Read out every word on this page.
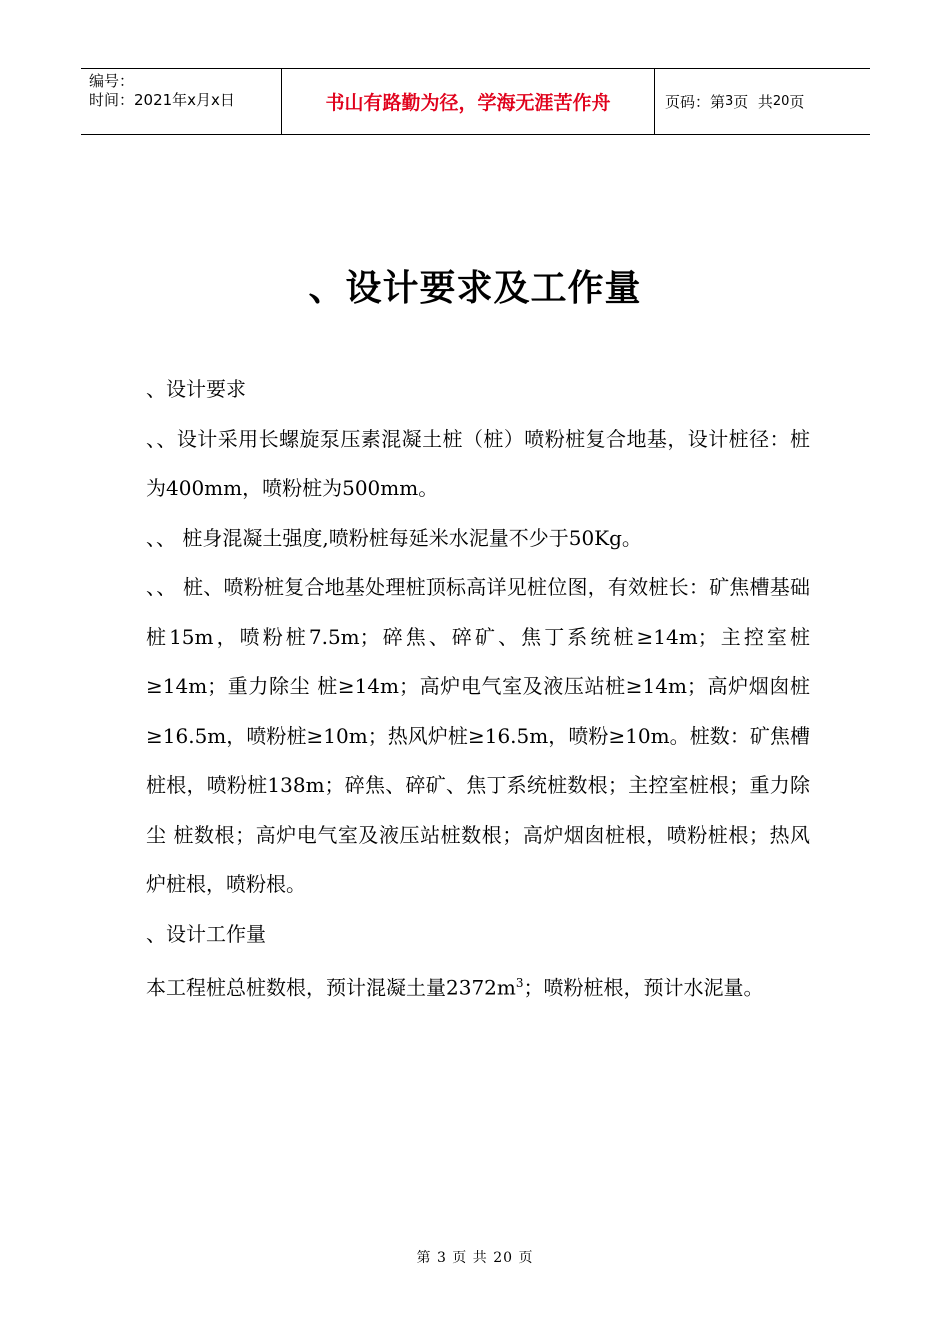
编号：
时间：2021年x月x日	书山有路勤为径，学海无涯苦作舟	页码：第 3 页  共 20 页
、设计要求及工作量

、设计要求

、、设计采用长螺旋泵压素混凝土桩（桩）喷粉桩复合地基，设计桩径：桩为400mm，喷粉桩为500mm。

、、 桩身混凝土强度,喷粉桩每延米水泥量不少于50Kg。

、、 桩、喷粉桩复合地基处理桩顶标高详见桩位图，有效桩长：矿焦槽基础桩15m，喷粉桩7.5m；碎焦、碎矿、焦丁系统桩≥14m；主控室桩≥14m；重力除尘 桩≥14m；高炉电气室及液压站桩≥14m；高炉烟囱桩≥16.5m，喷粉桩≥10m；热风炉桩≥16.5m，喷粉≥10m。桩数：矿焦槽 桩根，喷粉桩138m；碎焦、碎矿、焦丁系统桩数根；主控室桩根；重力除尘 桩数根；高炉电气室及液压站桩数根；高炉烟囱桩根，喷粉桩根；热风炉桩根，喷粉根。

、设计工作量

本工程桩总桩数根，预计混凝土量$2372m^3$；喷粉桩根，预计水泥量。

第 3 页 共 20 页
